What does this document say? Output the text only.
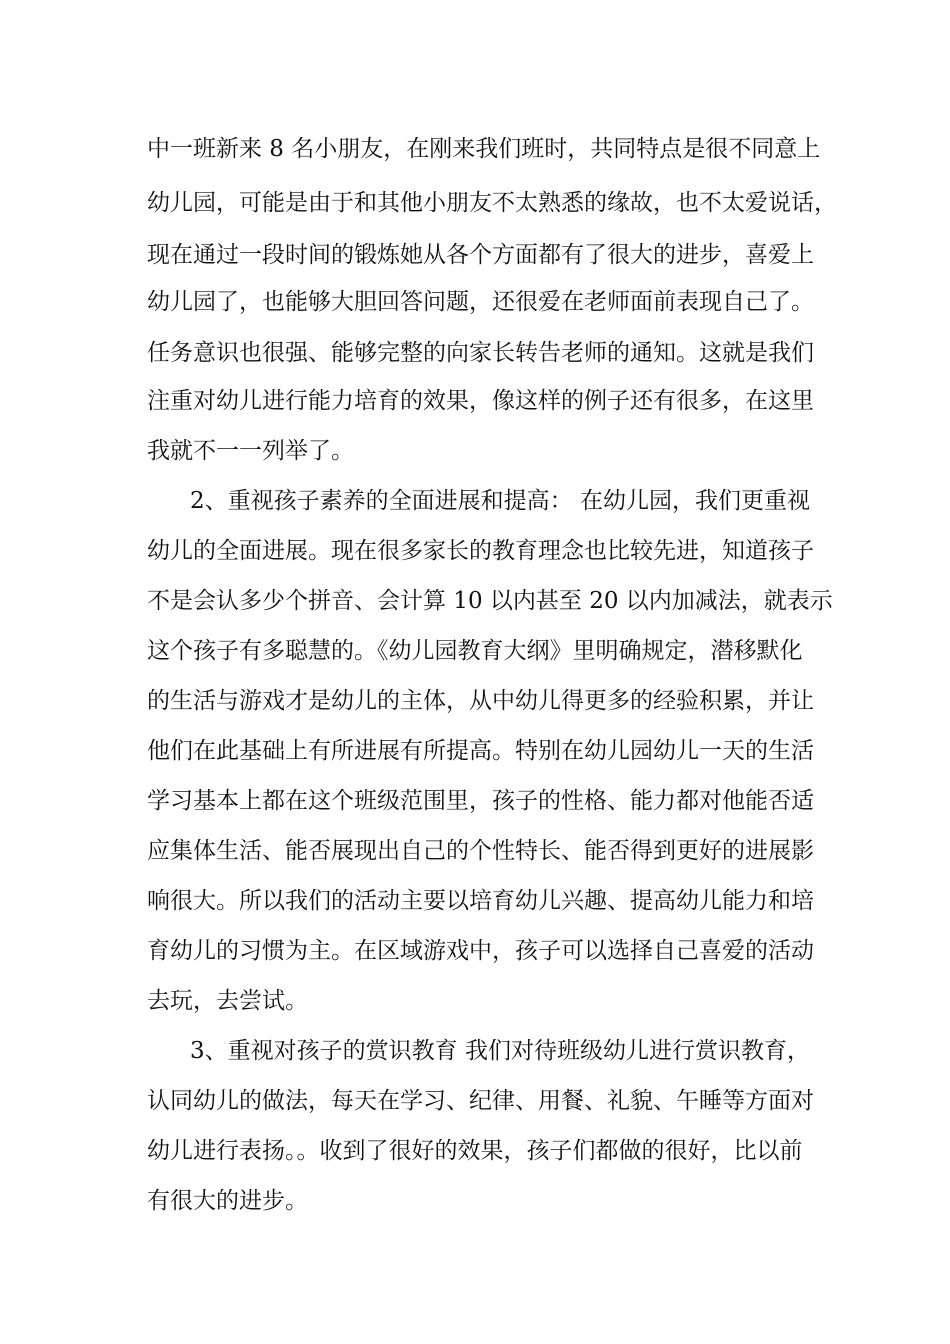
中一班新来 8 名小朋友，在刚来我们班时，共同特点是很不同意上
幼儿园，可能是由于和其他小朋友不太熟悉的缘故，也不太爱说话，
现在通过一段时间的锻炼她从各个方面都有了很大的进步，喜爱上
幼儿园了，也能够大胆回答问题，还很爱在老师面前表现自己了。
任务意识也很强、能够完整的向家长转告老师的通知。这就是我们
注重对幼儿进行能力培育的效果，像这样的例子还有很多，在这里
我就不一一列举了。
2、重视孩子素养的全面进展和提高： 在幼儿园，我们更重视
幼儿的全面进展。现在很多家长的教育理念也比较先进，知道孩子
不是会认多少个拼音、会计算 10 以内甚至 20 以内加减法，就表示
这个孩子有多聪慧的。《幼儿园教育大纲》里明确规定，潜移默化
的生活与游戏才是幼儿的主体，从中幼儿得更多的经验积累，并让
他们在此基础上有所进展有所提高。特别在幼儿园幼儿一天的生活
学习基本上都在这个班级范围里，孩子的性格、能力都对他能否适
应集体生活、能否展现出自己的个性特长、能否得到更好的进展影
响很大。所以我们的活动主要以培育幼儿兴趣、提高幼儿能力和培
育幼儿的习惯为主。在区域游戏中，孩子可以选择自己喜爱的活动
去玩，去尝试。
3、重视对孩子的赏识教育 我们对待班级幼儿进行赏识教育，
认同幼儿的做法，每天在学习、纪律、用餐、礼貌、午睡等方面对
幼儿进行表扬。。收到了很好的效果，孩子们都做的很好，比以前
有很大的进步。
